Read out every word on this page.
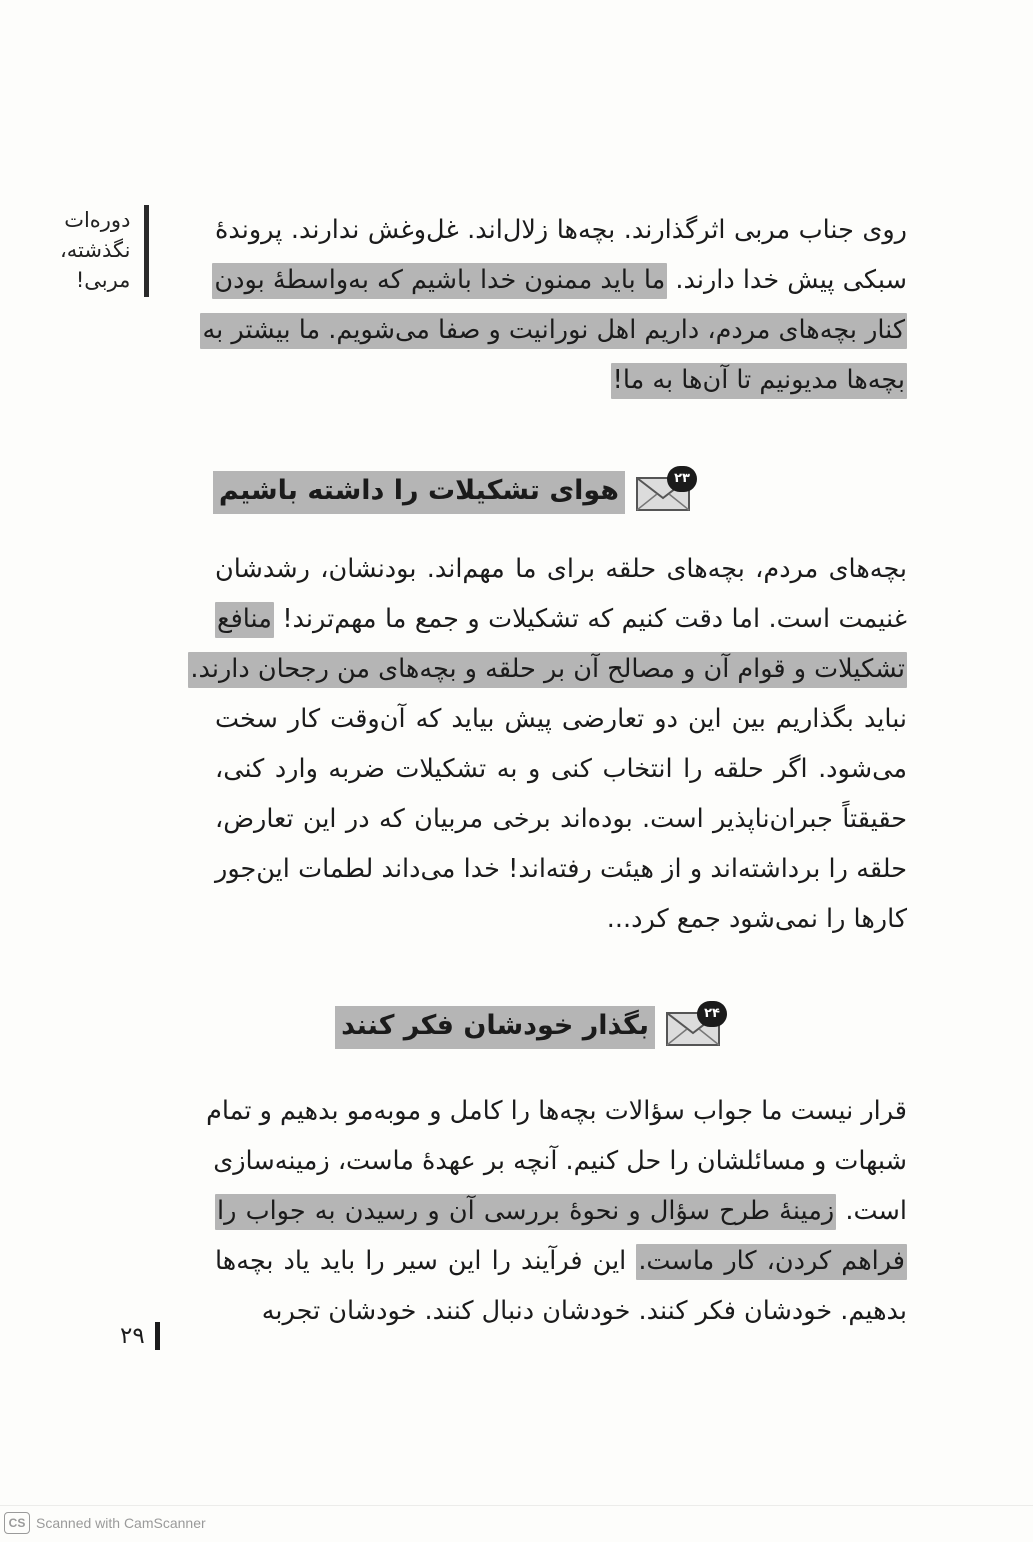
دوره‌ات
نگذشته،
مربی!
روی جناب مربی اثرگذارند. بچه‌ها زلال‌اند. غل‌وغش ندارند. پروندهٔ
سبکی پیش خدا دارند. ما باید ممنون خدا باشیم که به‌واسطهٔ بودن
کنار بچه‌های مردم، داریم اهل نورانیت و صفا می‌شویم. ما بیشتر به
بچه‌ها مدیونیم تا آن‌ها به ما!
۲۳
هوای تشکیلات را داشته باشیم
بچه‌های مردم، بچه‌های حلقه برای ما مهم‌اند. بودنشان، رشدشان
غنیمت است. اما دقت کنیم که تشکیلات و جمع ما مهم‌ترند! منافع
تشکیلات و قوام آن و مصالح آن بر حلقه و بچه‌های من رجحان دارند.
نباید بگذاریم بین این دو تعارضی پیش بیاید که آن‌وقت کار سخت
می‌شود. اگر حلقه را انتخاب کنی و به تشکیلات ضربه وارد کنی،
حقیقتاً جبران‌ناپذیر است. بوده‌اند برخی مربیان که در این تعارض،
حلقه را برداشته‌اند و از هیئت رفته‌اند! خدا می‌داند لطمات این‌جور
کارها را نمی‌شود جمع کرد...
۲۴
بگذار خودشان فکر کنند
قرار نیست ما جواب سؤالات بچه‌ها را کامل و موبه‌مو بدهیم و تمام
شبهات و مسائلشان را حل کنیم. آنچه بر عهدهٔ ماست، زمینه‌سازی
است. زمینهٔ طرح سؤال و نحوهٔ بررسی آن و رسیدن به جواب را
فراهم کردن، کار ماست. این فرآیند را این سیر را باید یاد بچه‌ها
بدهیم. خودشان فکر کنند. خودشان دنبال کنند. خودشان تجربه
۲۹
CS Scanned with CamScanner
